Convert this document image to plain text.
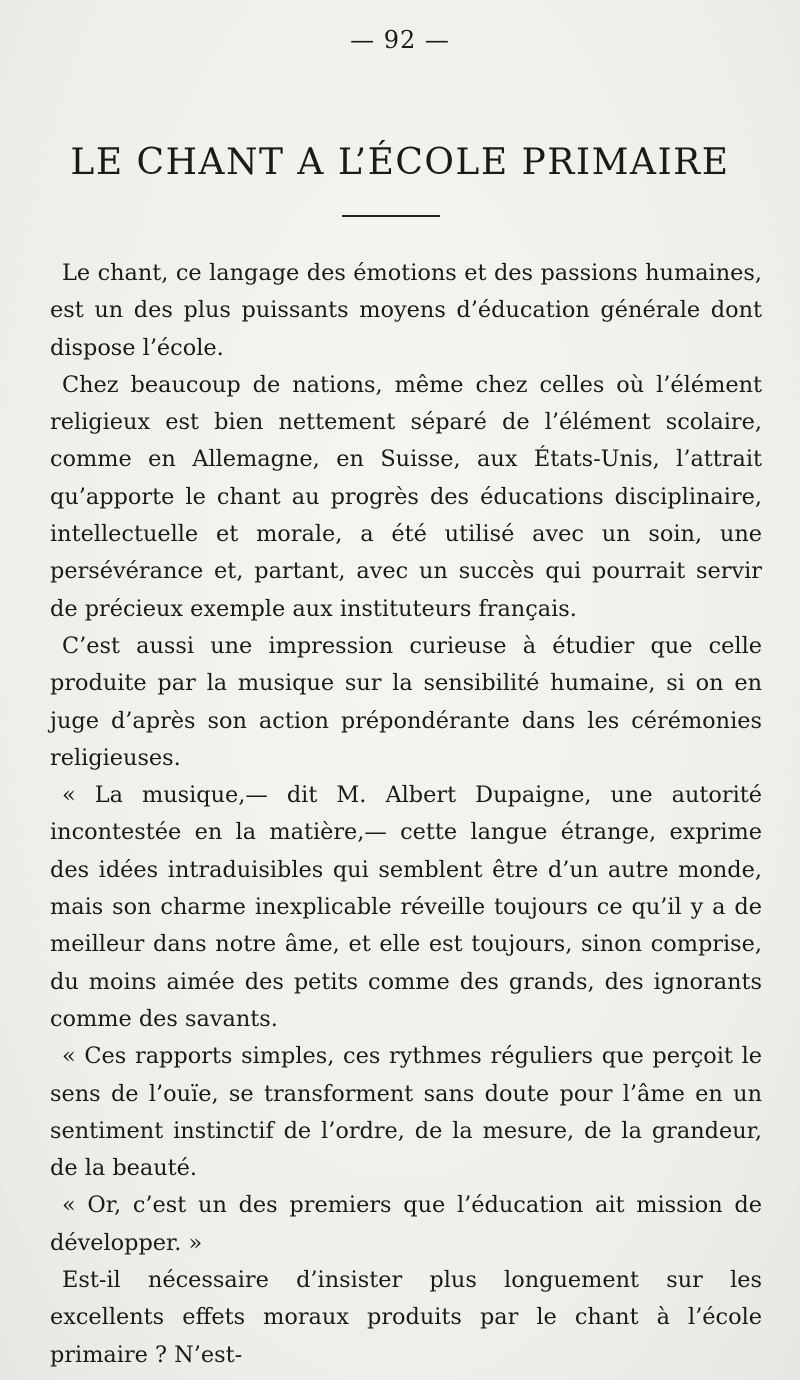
— 92 —
LE CHANT A L’ÉCOLE PRIMAIRE

Le chant, ce langage des émotions et des passions humaines, est un des plus puissants moyens d’éducation générale dont dispose l’école.

Chez beaucoup de nations, même chez celles où l’élément religieux est bien nettement séparé de l’élément scolaire, comme en Allemagne, en Suisse, aux États-Unis, l’attrait qu’apporte le chant au progrès des éducations disciplinaire, intellectuelle et morale, a été utilisé avec un soin, une persévérance et, partant, avec un succès qui pourrait servir de précieux exemple aux instituteurs français.

C’est aussi une impression curieuse à étudier que celle produite par la musique sur la sensibilité humaine, si on en juge d’après son action prépondérante dans les cérémonies religieuses.

« La musique,— dit M. Albert Dupaigne, une autorité incontestée en la matière,— cette langue étrange, exprime des idées intraduisibles qui semblent être d’un autre monde, mais son charme inexplicable réveille toujours ce qu’il y a de meilleur dans notre âme, et elle est toujours, sinon comprise, du moins aimée des petits comme des grands, des ignorants comme des savants.

« Ces rapports simples, ces rythmes réguliers que perçoit le sens de l’ouïe, se transforment sans doute pour l’âme en un sentiment instinctif de l’ordre, de la mesure, de la grandeur, de la beauté.

« Or, c’est un des premiers que l’éducation ait mission de développer. »

Est-il nécessaire d’insister plus longuement sur les excellents effets moraux produits par le chant à l’école primaire ? N’est-
